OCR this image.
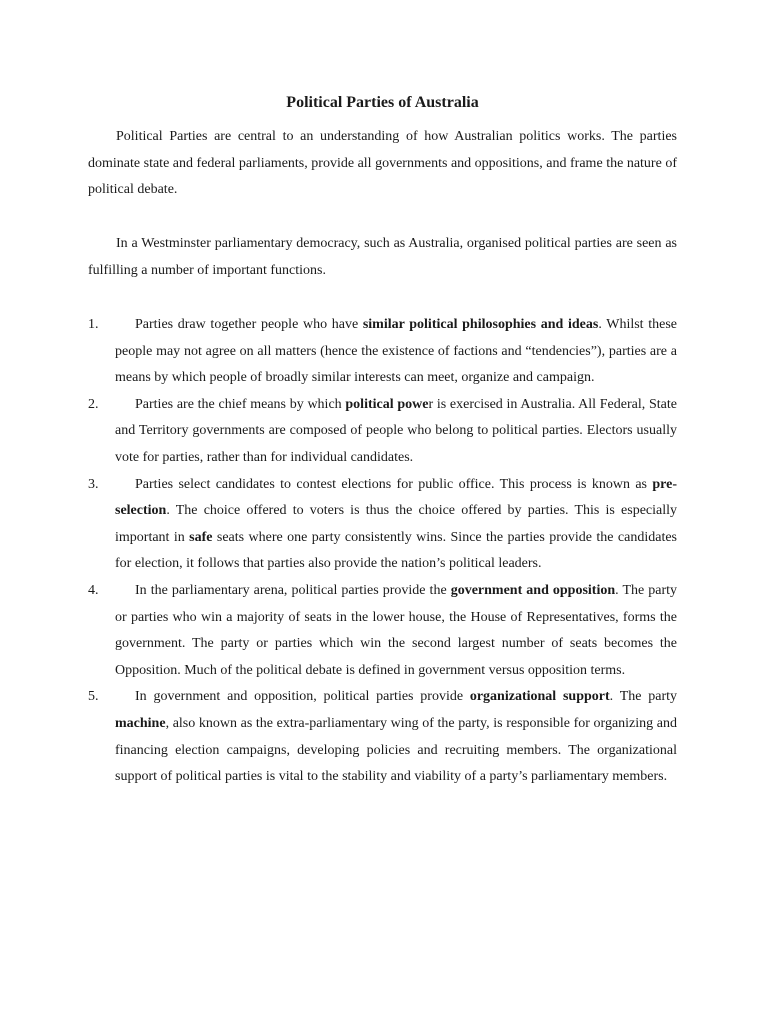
Political Parties of Australia

Political Parties are central to an understanding of how Australian politics works. The parties dominate state and federal parliaments, provide all governments and oppositions, and frame the nature of political debate.

In a Westminster parliamentary democracy, such as Australia, organised political parties are seen as fulfilling a number of important functions.

1.	Parties draw together people who have similar political philosophies and ideas. Whilst these people may not agree on all matters (hence the existence of factions and “tendencies”), parties are a means by which people of broadly similar interests can meet, organize and campaign.
2.	Parties are the chief means by which political power is exercised in Australia. All Federal, State and Territory governments are composed of people who belong to political parties. Electors usually vote for parties, rather than for individual candidates.
3.	Parties select candidates to contest elections for public office. This process is known as pre-selection. The choice offered to voters is thus the choice offered by parties. This is especially important in safe seats where one party consistently wins. Since the parties provide the candidates for election, it follows that parties also provide the nation’s political leaders.
4.	In the parliamentary arena, political parties provide the government and opposition. The party or parties who win a majority of seats in the lower house, the House of Representatives, forms the government. The party or parties which win the second largest number of seats becomes the Opposition. Much of the political debate is defined in government versus opposition terms.
5.	In government and opposition, political parties provide organizational support. The party machine, also known as the extra-parliamentary wing of the party, is responsible for organizing and financing election campaigns, developing policies and recruiting members. The organizational support of political parties is vital to the stability and viability of a party’s parliamentary members.
